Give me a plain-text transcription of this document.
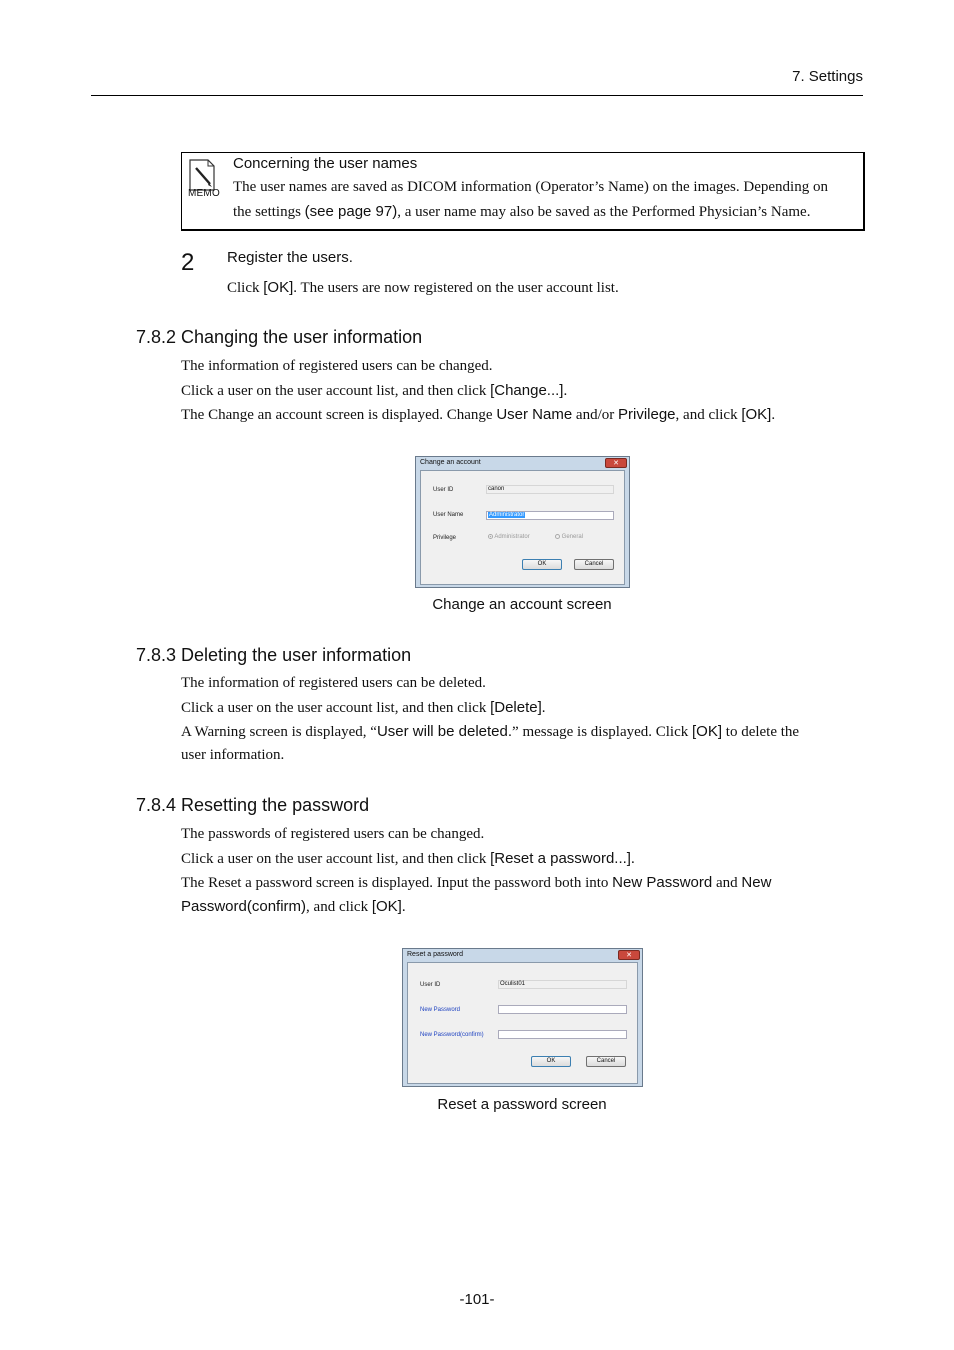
7. Settings
MEMO
Concerning the user names
The user names are saved as DICOM information (Operator’s Name) on the images. Depending on
the settings (see page 97), a user name may also be saved as the Performed Physician’s Name.
2 Register the users.
Click [OK]. The users are now registered on the user account list.
7.8.2 Changing the user information
The information of registered users can be changed.
Click a user on the user account list, and then click [Change...].
The Change an account screen is displayed. Change User Name and/or Privilege, and click [OK].
Change an account	✕
User ID	canon
User Name	Administrator
Privilege	Administrator	General
OK	Cancel
Change an account screen
7.8.3 Deleting the user information
The information of registered users can be deleted.
Click a user on the user account list, and then click [Delete].
A Warning screen is displayed, “User will be deleted.” message is displayed. Click [OK] to delete the
user information.
7.8.4 Resetting the password
The passwords of registered users can be changed.
Click a user on the user account list, and then click [Reset a password...].
The Reset a password screen is displayed. Input the password both into New Password and New
Password(confirm), and click [OK].
Reset a password	✕
User ID	Oculist01
New Password
New Password(confirm)
OK	Cancel
Reset a password screen
-101-
